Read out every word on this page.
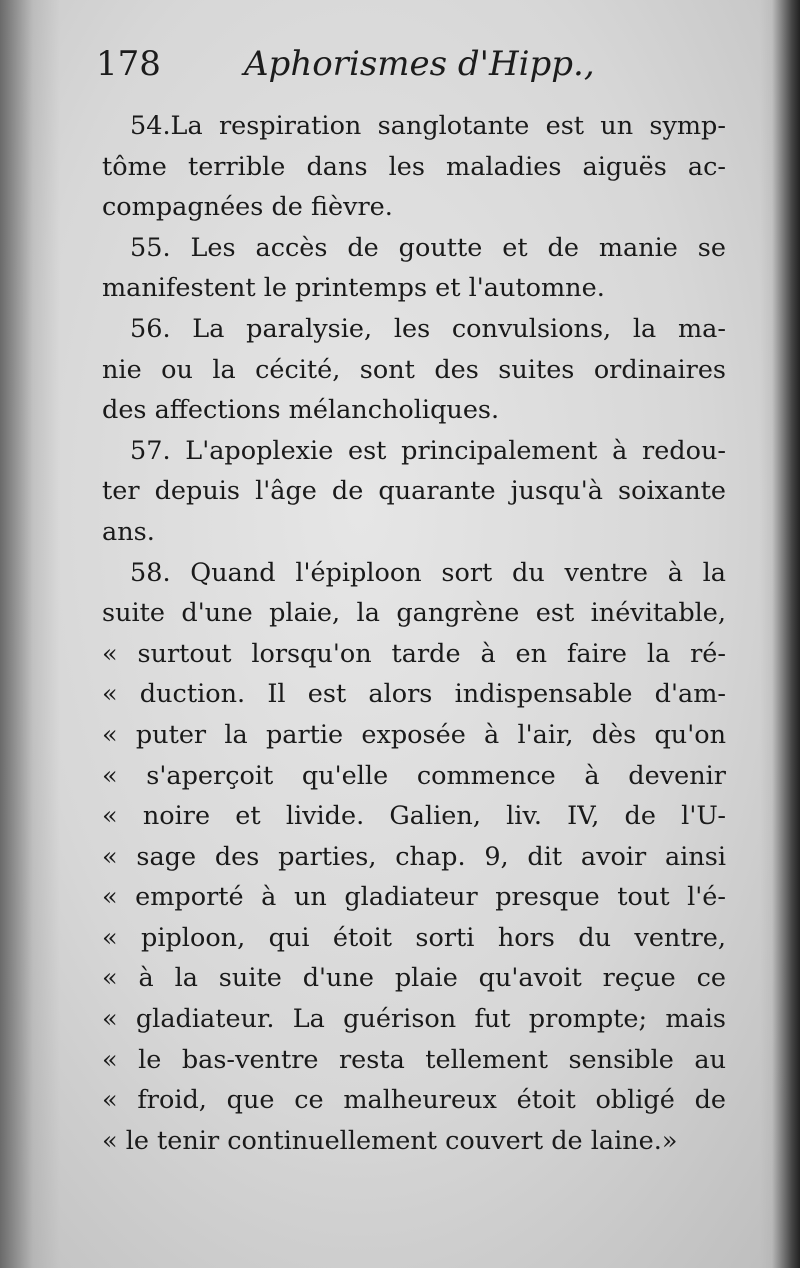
178 Aphorismes d'Hipp.,
54.La respiration sanglotante est un symp-
tôme terrible dans les maladies aiguës ac-
compagnées de fièvre.
55. Les accès de goutte et de manie se
manifestent le printemps et l'automne.
56. La paralysie, les convulsions, la ma-
nie ou la cécité, sont des suites ordinaires
des affections mélancholiques.
57. L'apoplexie est principalement à redou-
ter depuis l'âge de quarante jusqu'à soixante
ans.
58. Quand l'épiploon sort du ventre à la
suite d'une plaie, la gangrène est inévitable,
« surtout lorsqu'on tarde à en faire la ré-
« duction. Il est alors indispensable d'am-
« puter la partie exposée à l'air, dès qu'on
« s'aperçoit qu'elle commence à devenir
« noire et livide. Galien, liv. IV, de l'U-
« sage des parties, chap. 9, dit avoir ainsi
« emporté à un gladiateur presque tout l'é-
« piploon, qui étoit sorti hors du ventre,
« à la suite d'une plaie qu'avoit reçue ce
« gladiateur. La guérison fut prompte; mais
« le bas-ventre resta tellement sensible au
« froid, que ce malheureux étoit obligé de
« le tenir continuellement couvert de laine.»
